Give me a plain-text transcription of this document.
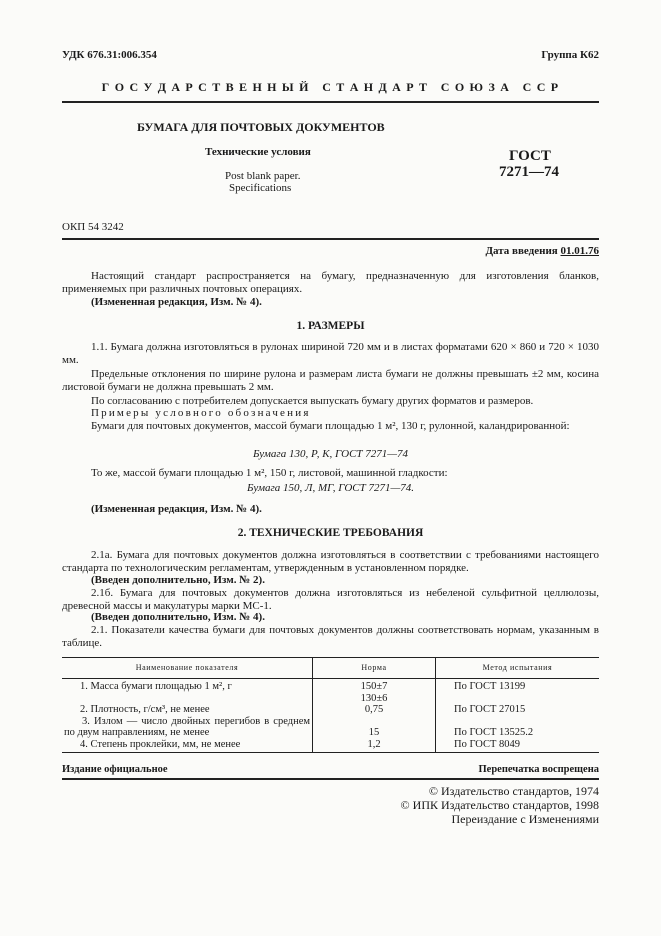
УДК 676.31:006.354	Группа К62
Г О С У Д А Р С Т В Е Н Н Ы Й   С Т А Н Д А Р Т   С О Ю З А   С С Р
БУМАГА ДЛЯ ПОЧТОВЫХ ДОКУМЕНТОВ
Технические условия
Post blank paper.
Specifications
ГОСТ
7271—74
ОКП 54 3242
Дата введения 01.01.76
Настоящий стандарт распространяется на бумагу, предназначенную для изготовления бланков, применяемых при различных почтовых операциях.
(Измененная редакция, Изм. № 4).
1. РАЗМЕРЫ
1.1. Бумага должна изготовляться в рулонах шириной 720 мм и в листах форматами 620 × 860 и 720 × 1030 мм.
Предельные отклонения по ширине рулона и размерам листа бумаги не должны превышать ±2 мм, косина листовой бумаги не должна превышать 2 мм.
По согласованию с потребителем допускается выпускать бумагу других форматов и размеров.
Примеры условного обозначения
Бумаги для почтовых документов, массой бумаги площадью 1 м², 130 г, рулонной, каландрированной:
Бумага 130, Р, К, ГОСТ 7271—74
То же, массой бумаги площадью 1 м², 150 г, листовой, машинной гладкости:
Бумага 150, Л, МГ, ГОСТ 7271—74.
(Измененная редакция, Изм. № 4).
2. ТЕХНИЧЕСКИЕ ТРЕБОВАНИЯ
2.1а. Бумага для почтовых документов должна изготовляться в соответствии с требованиями настоящего стандарта по технологическим регламентам, утвержденным в установленном порядке.
(Введен дополнительно, Изм. № 2).
2.1б. Бумага для почтовых документов должна изготовляться из небеленой сульфитной целлюлозы, древесной массы и макулатуры марки МС-1.
(Введен дополнительно, Изм. № 4).
2.1. Показатели качества бумаги для почтовых документов должны соответствовать нормам, указанным в таблице.
Наименование показателя	Норма	Метод испытания
1. Масса бумаги площадью 1 м², г	150±7	По ГОСТ 13199
	130±6	
2. Плотность, г/см³, не менее	0,75	По ГОСТ 27015
3. Излом — число двойных перегибов в среднем по двум направлениям, не менее	15	По ГОСТ 13525.2
4. Степень проклейки, мм, не менее	1,2	По ГОСТ 8049
Издание официальное	Перепечатка воспрещена
© Издательство стандартов, 1974
© ИПК Издательство стандартов, 1998
Переиздание с Изменениями
